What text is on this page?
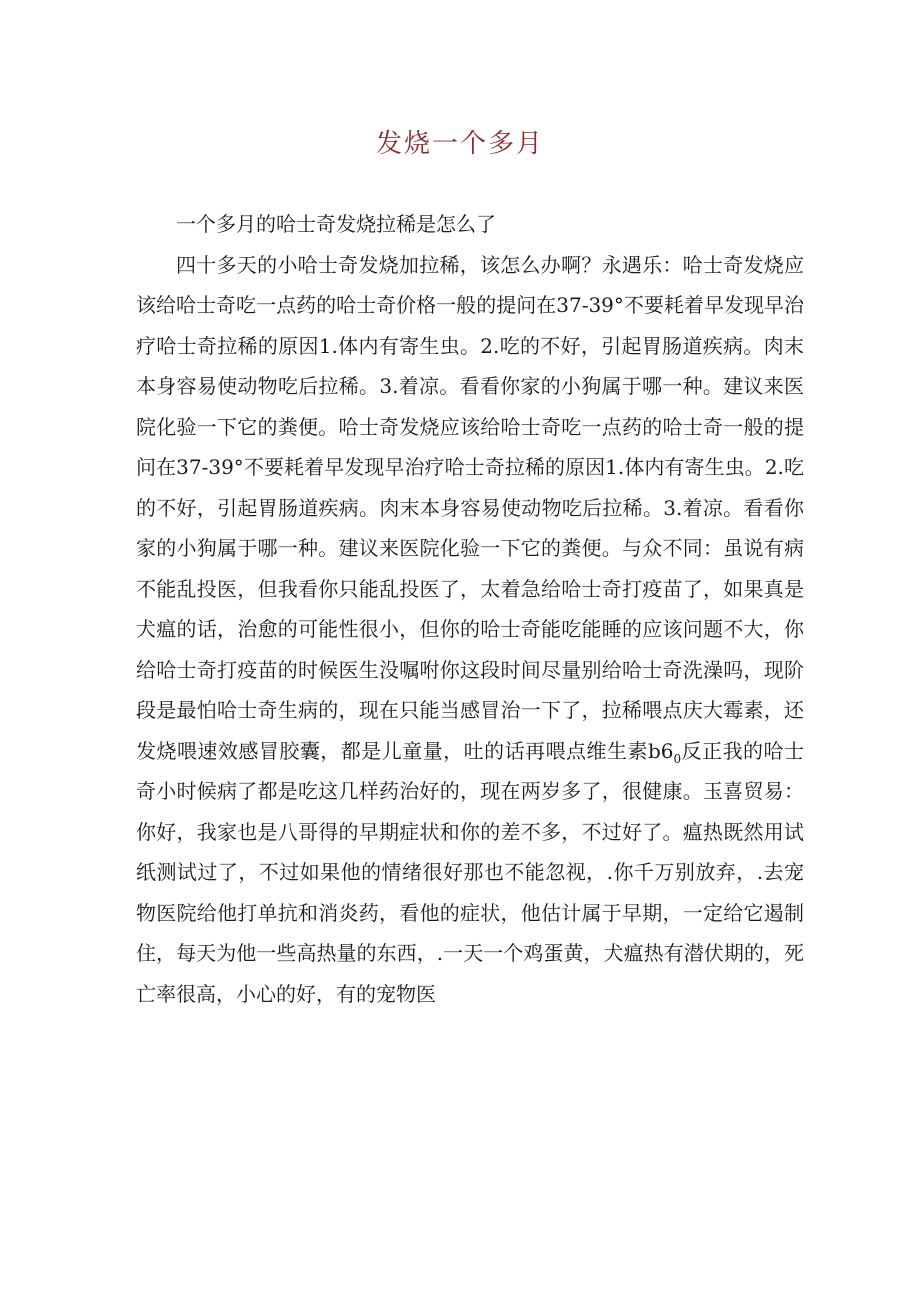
发烧一个多月

一个多月的哈士奇发烧拉稀是怎么了

四十多天的小哈士奇发烧加拉稀，该怎么办啊？永遇乐：哈士奇发烧应该给哈士奇吃一点药的哈士奇价格一般的提问在37-39°不要耗着早发现早治疗哈士奇拉稀的原因1.体内有寄生虫。2.吃的不好，引起胃肠道疾病。肉末本身容易使动物吃后拉稀。3.着凉。看看你家的小狗属于哪一种。建议来医院化验一下它的粪便。哈士奇发烧应该给哈士奇吃一点药的哈士奇一般的提问在37-39°不要耗着早发现早治疗哈士奇拉稀的原因1.体内有寄生虫。2.吃的不好，引起胃肠道疾病。肉末本身容易使动物吃后拉稀。3.着凉。看看你家的小狗属于哪一种。建议来医院化验一下它的粪便。与众不同：虽说有病不能乱投医，但我看你只能乱投医了，太着急给哈士奇打疫苗了，如果真是犬瘟的话，治愈的可能性很小，但你的哈士奇能吃能睡的应该问题不大，你给哈士奇打疫苗的时候医生没嘱咐你这段时间尽量别给哈士奇洗澡吗，现阶段是最怕哈士奇生病的，现在只能当感冒治一下了，拉稀喂点庆大霉素，还发烧喂速效感冒胶囊，都是儿童量，吐的话再喂点维生素$b6_0$反正我的哈士奇小时候病了都是吃这几样药治好的，现在两岁多了，很健康。玉喜贸易：你好，我家也是八哥得的早期症状和你的差不多，不过好了。瘟热既然用试纸测试过了，不过如果他的情绪很好那也不能忽视，.你千万别放弃，.去宠物医院给他打单抗和消炎药，看他的症状，他估计属于早期，一定给它遏制住，每天为他一些高热量的东西，.一天一个鸡蛋黄，犬瘟热有潜伏期的，死亡率很高，小心的好，有的宠物医
